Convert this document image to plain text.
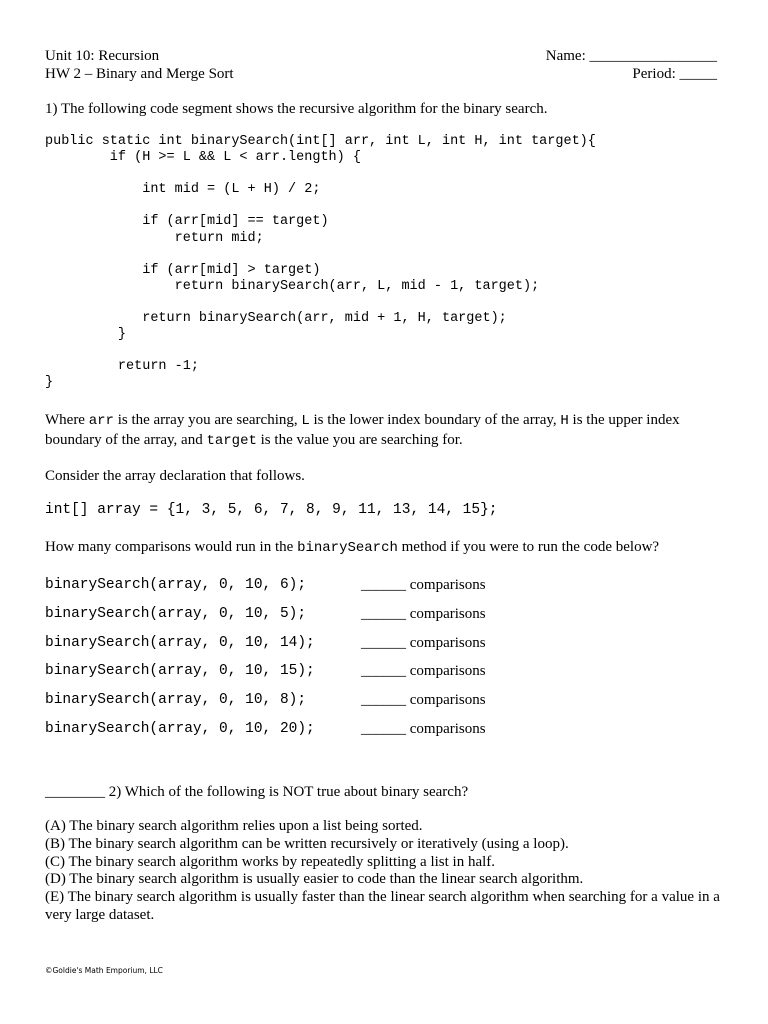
Unit 10: Recursion
HW 2 – Binary and Merge Sort
Name: _________________
Period: _____
1) The following code segment shows the recursive algorithm for the binary search.
public static int binarySearch(int[] arr, int L, int H, int target){
if (H >= L && L < arr.length) {

int mid = (L + H) / 2;

if (arr[mid] == target)
return mid;

if (arr[mid] > target)
return binarySearch(arr, L, mid - 1, target);

return binarySearch(arr, mid + 1, H, target);
}

return -1;
}
Where arr is the array you are searching, L is the lower index boundary of the array, H is the upper index boundary of the array, and target is the value you are searching for.
Consider the array declaration that follows.
int[] array = {1, 3, 5, 6, 7, 8, 9, 11, 13, 14, 15};
How many comparisons would run in the binarySearch method if you were to run the code below?
binarySearch(array, 0, 10, 6);	______ comparisons
binarySearch(array, 0, 10, 5);	______ comparisons
binarySearch(array, 0, 10, 14);	______ comparisons
binarySearch(array, 0, 10, 15);	______ comparisons
binarySearch(array, 0, 10, 8);	______ comparisons
binarySearch(array, 0, 10, 20);	______ comparisons
________ 2) Which of the following is NOT true about binary search?
(A) The binary search algorithm relies upon a list being sorted.
(B) The binary search algorithm can be written recursively or iteratively (using a loop).
(C) The binary search algorithm works by repeatedly splitting a list in half.
(D) The binary search algorithm is usually easier to code than the linear search algorithm.
(E) The binary search algorithm is usually faster than the linear search algorithm when searching for a value in a very large dataset.
©Goldie's Math Emporium, LLC
